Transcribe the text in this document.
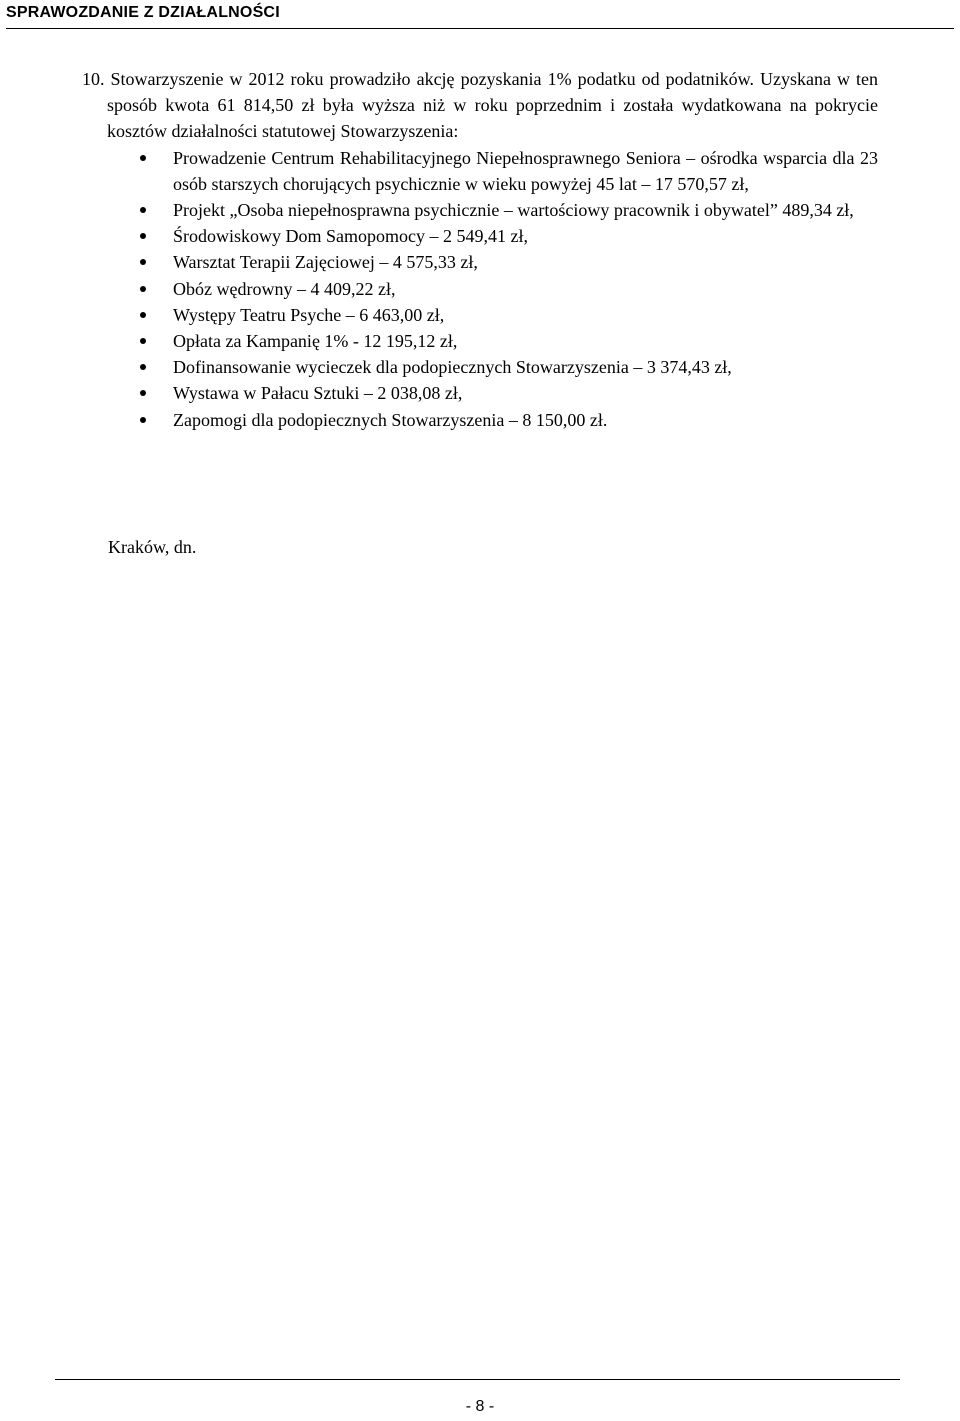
SPRAWOZDANIE Z DZIAŁALNOŚCI

10. Stowarzyszenie w 2012 roku prowadziło akcję pozyskania 1% podatku od podatników. Uzyskana w ten sposób kwota 61 814,50 zł była wyższa niż w roku poprzednim i została wydatkowana na pokrycie kosztów działalności statutowej Stowarzyszenia:

Prowadzenie Centrum Rehabilitacyjnego Niepełnosprawnego Seniora – ośrodka wsparcia dla 23 osób starszych chorujących psychicznie w wieku powyżej 45 lat – 17 570,57 zł,
Projekt „Osoba niepełnosprawna psychicznie – wartościowy pracownik i obywatel” 489,34 zł,
Środowiskowy Dom Samopomocy – 2 549,41 zł,
Warsztat Terapii Zajęciowej – 4 575,33 zł,
Obóz wędrowny – 4 409,22 zł,
Występy Teatru Psyche – 6 463,00 zł,
Opłata za Kampanię 1% - 12 195,12 zł,
Dofinansowanie wycieczek dla podopiecznych Stowarzyszenia – 3 374,43 zł,
Wystawa w Pałacu Sztuki – 2 038,08 zł,
Zapomogi dla podopiecznych Stowarzyszenia – 8 150,00 zł.
Kraków, dn.
- 8 -
